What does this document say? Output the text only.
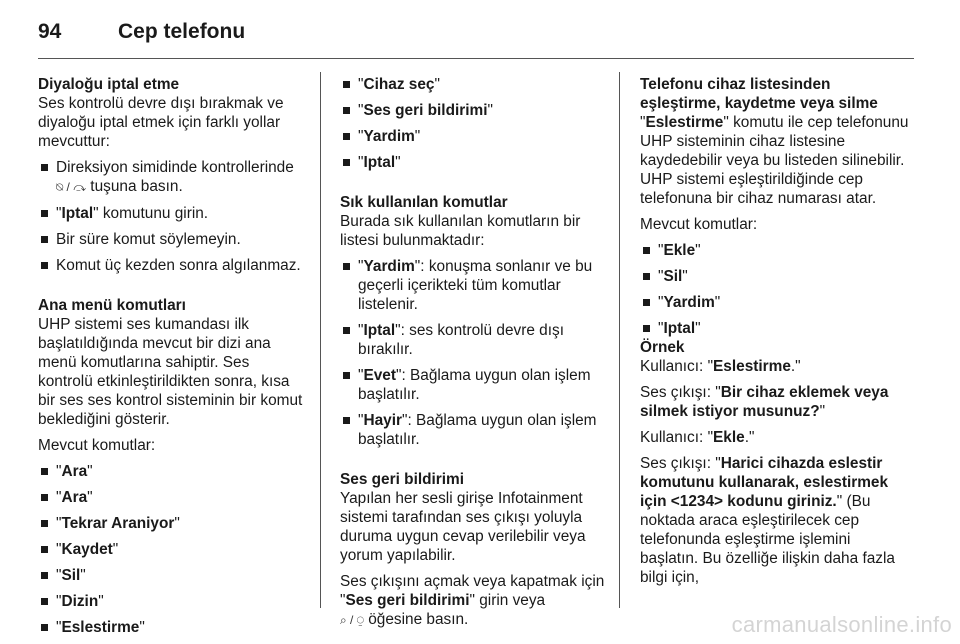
94	Cep telefonu
Diyaloğu iptal etme
Ses kontrolü devre dışı bırakmak ve diyaloğu iptal etmek için farklı yollar mevcuttur:
Direksiyon simidinde kontrollerinde
⍉ / ⤼ tuşuna basın.
"Iptal" komutunu girin.
Bir süre komut söylemeyin.
Komut üç kezden sonra algılanmaz.
Ana menü komutları
UHP sistemi ses kumandası ilk başlatıldığında mevcut bir dizi ana menü komutlarına sahiptir. Ses kontrolü etkinleştirildikten sonra, kısa bir ses ses kontrol sisteminin bir komut beklediğini gösterir.
Mevcut komutlar:
"Ara"
"Ara"
"Tekrar Araniyor"
"Kaydet"
"Sil"
"Dizin"
"Eslestirme"
"Cihaz seç"
"Ses geri bildirimi"
"Yardim"
"Iptal"
Sık kullanılan komutlar
Burada sık kullanılan komutların bir listesi bulunmaktadır:
"Yardim": konuşma sonlanır ve bu geçerli içerikteki tüm komutlar listelenir.
"Iptal": ses kontrolü devre dışı bırakılır.
"Evet": Bağlama uygun olan işlem başlatılır.
"Hayir": Bağlama uygun olan işlem başlatılır.
Ses geri bildirimi
Yapılan her sesli girişe Infotainment sistemi tarafından ses çıkışı yoluyla duruma uygun cevap verilebilir veya yorum yapılabilir.
Ses çıkışını açmak veya kapatmak için "Ses geri bildirimi" girin veya
⌕ / ⍜ öğesine basın.
Telefonu cihaz listesinden eşleştirme, kaydetme veya silme
"Eslestirme" komutu ile cep telefonunu UHP sisteminin cihaz listesine kaydedebilir veya bu listeden silinebilir. UHP sistemi eşleştirildiğinde cep telefonuna bir cihaz numarası atar.
Mevcut komutlar:
"Ekle"
"Sil"
"Yardim"
"Iptal"
Örnek
Kullanıcı: "Eslestirme."
Ses çıkışı: "Bir cihaz eklemek veya silmek istiyor musunuz?"
Kullanıcı: "Ekle."
Ses çıkışı: "Harici cihazda eslestir komutunu kullanarak, eslestirmek için <1234> kodunu giriniz." (Bu noktada araca eşleştirilecek cep telefonunda eşleştirme işlemini başlatın. Bu özelliğe ilişkin daha fazla bilgi için,
carmanualsonline.info
